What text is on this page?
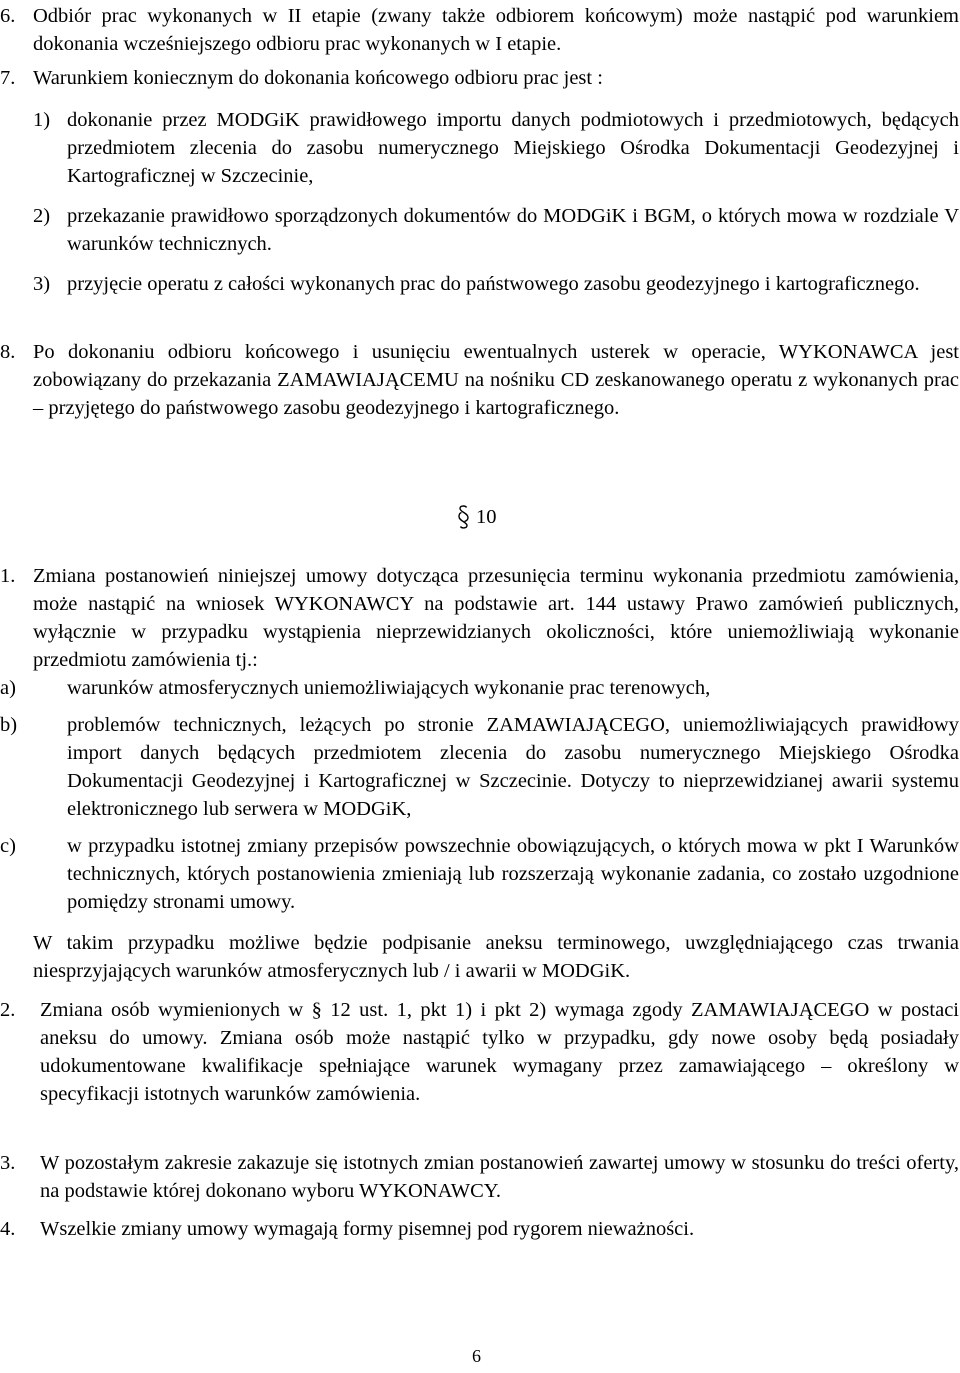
6. Odbiór prac wykonanych w II etapie (zwany także odbiorem końcowym) może nastąpić pod warunkiem dokonania wcześniejszego odbioru prac wykonanych w I etapie.
7. Warunkiem koniecznym do dokonania końcowego odbioru prac jest :
1) dokonanie przez MODGiK prawidłowego importu danych podmiotowych i przedmiotowych, będących przedmiotem zlecenia do zasobu numerycznego Miejskiego Ośrodka Dokumentacji Geodezyjnej i Kartograficznej w Szczecinie,
2) przekazanie prawidłowo sporządzonych dokumentów do MODGiK i BGM, o których mowa w rozdziale V warunków technicznych.
3) przyjęcie operatu z całości wykonanych prac do państwowego zasobu geodezyjnego i kartograficznego.
8. Po dokonaniu odbioru końcowego i usunięciu ewentualnych usterek w operacie, WYKONAWCA jest zobowiązany do przekazania ZAMAWIAJĄCEMU na nośniku CD zeskanowanego operatu z wykonanych prac – przyjętego do państwowego zasobu geodezyjnego i kartograficznego.
10
1. Zmiana postanowień niniejszej umowy dotycząca przesunięcia terminu wykonania przedmiotu zamówienia, może nastąpić na wniosek WYKONAWCY na podstawie art. 144 ustawy Prawo zamówień publicznych, wyłącznie w przypadku wystąpienia nieprzewidzianych okoliczności, które uniemożliwiają wykonanie przedmiotu zamówienia tj.:
a)	warunków atmosferycznych uniemożliwiających wykonanie prac terenowych,
b)	problemów technicznych, leżących po stronie ZAMAWIAJĄCEGO, uniemożliwiających prawidłowy import danych będących przedmiotem zlecenia do zasobu numerycznego Miejskiego Ośrodka Dokumentacji Geodezyjnej i Kartograficznej w Szczecinie. Dotyczy to nieprzewidzianej awarii systemu elektronicznego lub serwera w MODGiK,
c)	w przypadku istotnej zmiany przepisów powszechnie obowiązujących, o których mowa w pkt I Warunków technicznych, których postanowienia zmieniają lub rozszerzają wykonanie zadania, co zostało uzgodnione pomiędzy stronami umowy.

W takim przypadku możliwe będzie podpisanie aneksu terminowego, uwzględniającego czas trwania niesprzyjających warunków atmosferycznych lub / i awarii w MODGiK.

2.	Zmiana osób wymienionych w § 12 ust. 1, pkt 1) i pkt 2) wymaga zgody ZAMAWIAJĄCEGO w postaci aneksu do umowy. Zmiana osób może nastąpić tylko w przypadku, gdy nowe osoby będą posiadały udokumentowane kwalifikacje spełniające warunek wymagany przez zamawiającego – określony w specyfikacji istotnych warunków zamówienia.
3.	W pozostałym zakresie zakazuje się istotnych zmian postanowień zawartej umowy w stosunku do treści oferty, na podstawie której dokonano wyboru WYKONAWCY.
4.	Wszelkie zmiany umowy wymagają formy pisemnej pod rygorem nieważności.
6
